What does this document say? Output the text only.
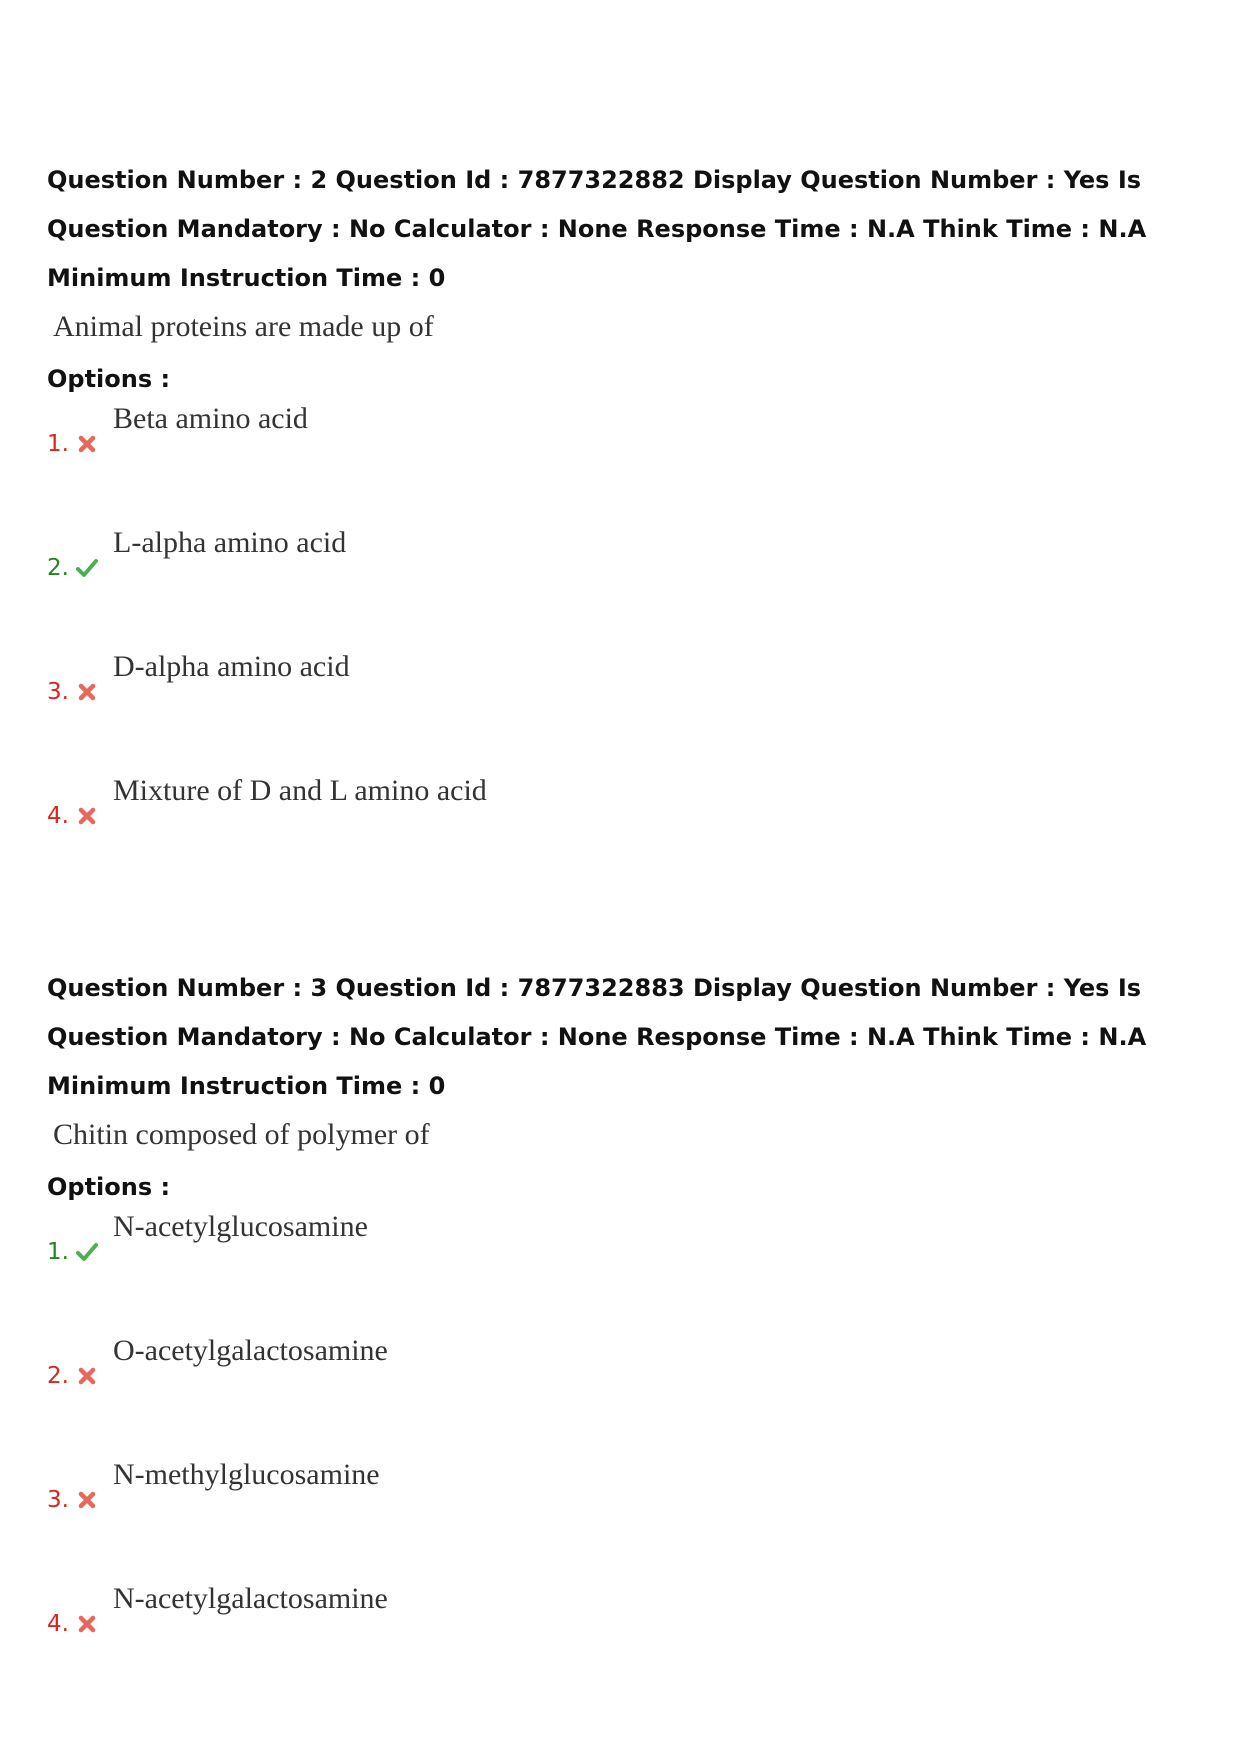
Question Number : 2 Question Id : 7877322882 Display Question Number : Yes Is Question Mandatory : No Calculator : None Response Time : N.A Think Time : N.A Minimum Instruction Time : 0
Animal proteins are made up of
Options :
1.
Beta amino acid
2.
L-alpha amino acid
3.
D-alpha amino acid
4.
Mixture of D and L amino acid
Question Number : 3 Question Id : 7877322883 Display Question Number : Yes Is Question Mandatory : No Calculator : None Response Time : N.A Think Time : N.A Minimum Instruction Time : 0
Chitin composed of polymer of
Options :
1.
N-acetylglucosamine
2.
O-acetylgalactosamine
3.
N-methylglucosamine
4.
N-acetylgalactosamine
